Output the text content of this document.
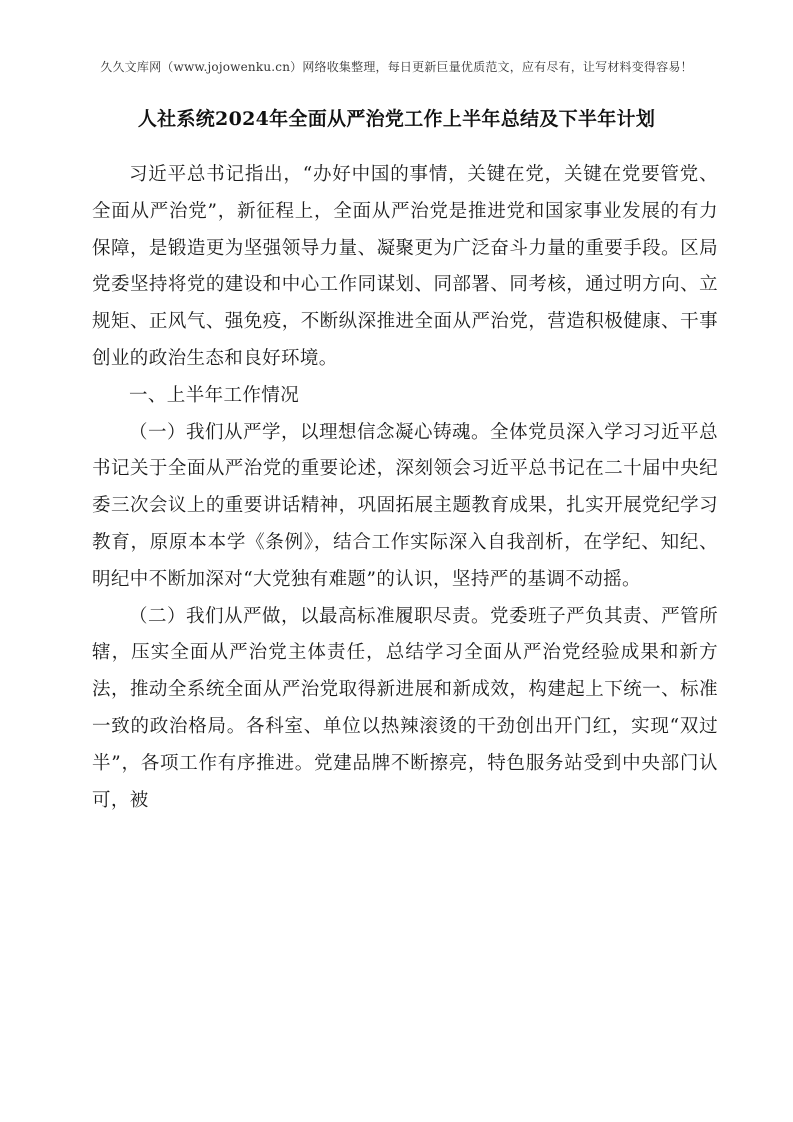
久久文库网（www.jojowenku.cn）网络收集整理，每日更新巨量优质范文，应有尽有，让写材料变得容易！
人社系统2024年全面从严治党工作上半年总结及下半年计划

习近平总书记指出，“办好中国的事情，关键在党，关键在党要管党、全面从严治党”，新征程上，全面从严治党是推进党和国家事业发展的有力保障，是锻造更为坚强领导力量、凝聚更为广泛奋斗力量的重要手段。区局党委坚持将党的建设和中心工作同谋划、同部署、同考核，通过明方向、立规矩、正风气、强免疫，不断纵深推进全面从严治党，营造积极健康、干事创业的政治生态和良好环境。

一、上半年工作情况

（一）我们从严学，以理想信念凝心铸魂。全体党员深入学习习近平总书记关于全面从严治党的重要论述，深刻领会习近平总书记在二十届中央纪委三次会议上的重要讲话精神，巩固拓展主题教育成果，扎实开展党纪学习教育，原原本本学《条例》，结合工作实际深入自我剖析，在学纪、知纪、明纪中不断加深对“大党独有难题”的认识，坚持严的基调不动摇。

（二）我们从严做，以最高标准履职尽责。党委班子严负其责、严管所辖，压实全面从严治党主体责任，总结学习全面从严治党经验成果和新方法，推动全系统全面从严治党取得新进展和新成效，构建起上下统一、标准一致的政治格局。各科室、单位以热辣滚烫的干劲创出开门红，实现“双过半”，各项工作有序推进。党建品牌不断擦亮，特色服务站受到中央部门认可，被
